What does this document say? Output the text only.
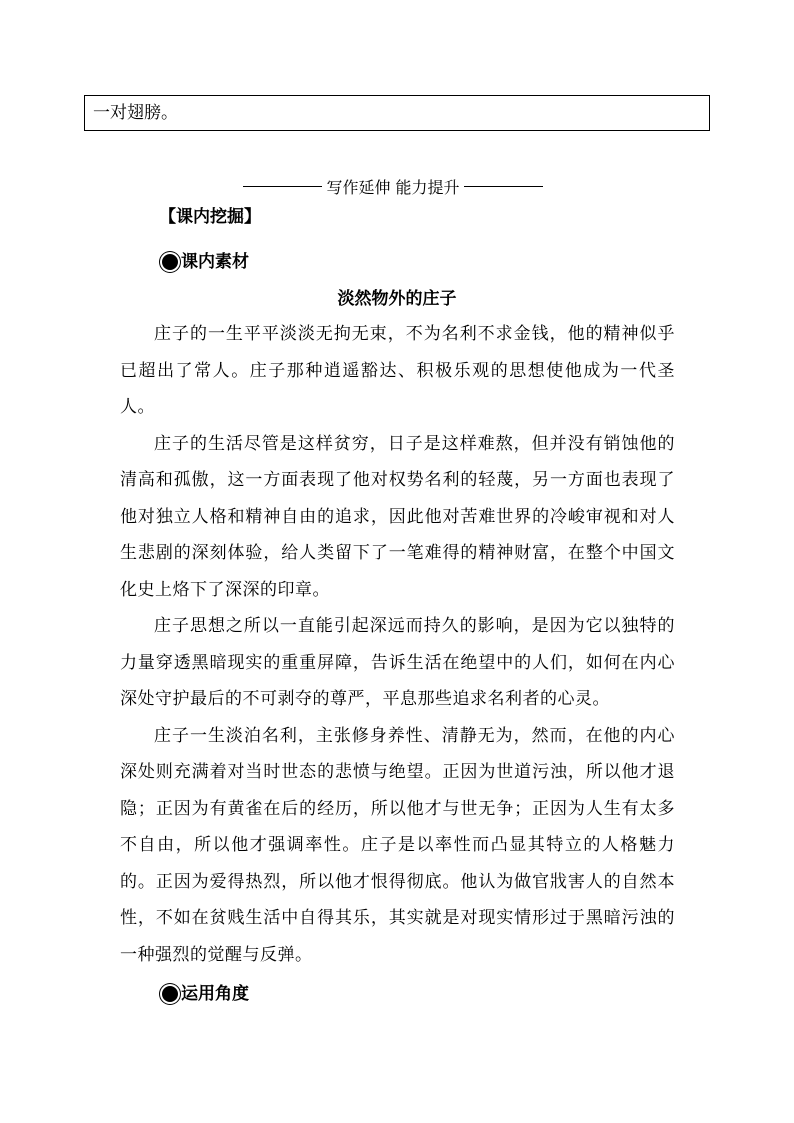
一对翅膀。
写作延伸 能力提升
【课内挖掘】
课内素材
淡然物外的庄子

庄子的一生平平淡淡无拘无束，不为名利不求金钱，他的精神似乎已超出了常人。庄子那种逍遥豁达、积极乐观的思想使他成为一代圣人。

庄子的生活尽管是这样贫穷，日子是这样难熬，但并没有销蚀他的清高和孤傲，这一方面表现了他对权势名利的轻蔑，另一方面也表现了他对独立人格和精神自由的追求，因此他对苦难世界的冷峻审视和对人生悲剧的深刻体验，给人类留下了一笔难得的精神财富，在整个中国文化史上烙下了深深的印章。

庄子思想之所以一直能引起深远而持久的影响，是因为它以独特的力量穿透黑暗现实的重重屏障，告诉生活在绝望中的人们，如何在内心深处守护最后的不可剥夺的尊严，平息那些追求名利者的心灵。

庄子一生淡泊名利，主张修身养性、清静无为，然而，在他的内心深处则充满着对当时世态的悲愤与绝望。正因为世道污浊，所以他才退隐；正因为有黄雀在后的经历，所以他才与世无争；正因为人生有太多不自由，所以他才强调率性。庄子是以率性而凸显其特立的人格魅力的。正因为爱得热烈，所以他才恨得彻底。他认为做官戕害人的自然本性，不如在贫贱生活中自得其乐，其实就是对现实情形过于黑暗污浊的一种强烈的觉醒与反弹。

运用角度
